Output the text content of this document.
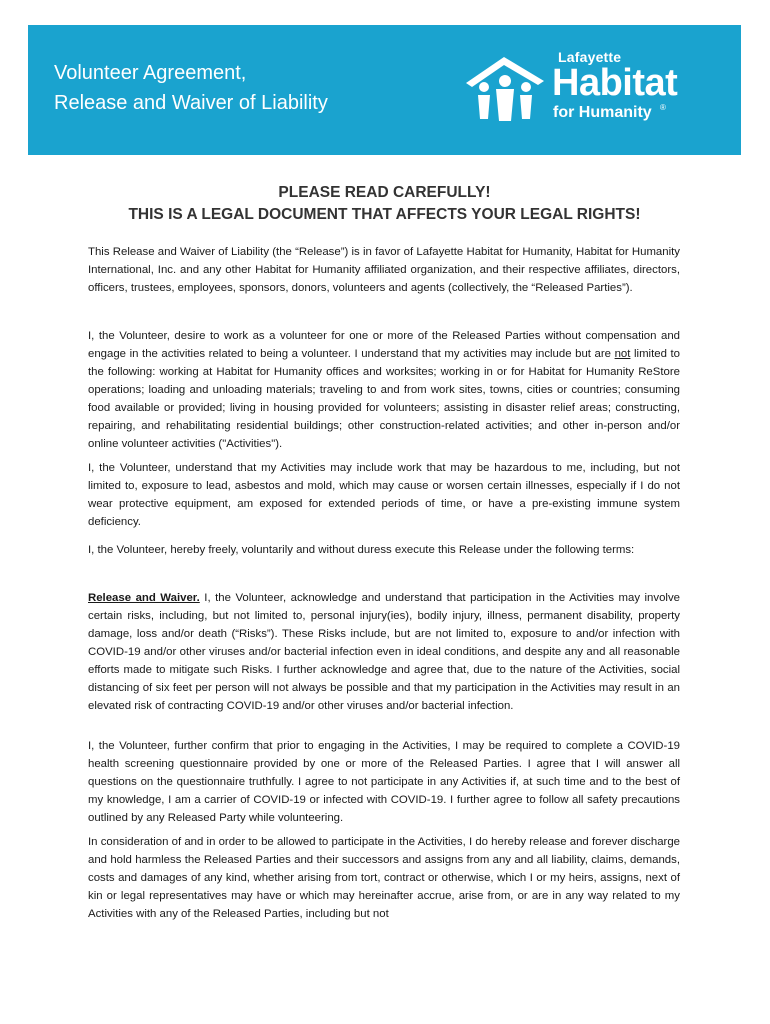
Volunteer Agreement,
Release and Waiver of Liability
Lafayette
Habitat
for Humanity ®
PLEASE READ CAREFULLY!
THIS IS A LEGAL DOCUMENT THAT AFFECTS YOUR LEGAL RIGHTS!
This Release and Waiver of Liability (the “Release”) is in favor of Lafayette Habitat for Humanity, Habitat for Humanity International, Inc. and any other Habitat for Humanity affiliated organization, and their respective affiliates, directors, officers, trustees, employees, sponsors, donors, volunteers and agents (collectively, the “Released Parties”).
I, the Volunteer, desire to work as a volunteer for one or more of the Released Parties without compensation and engage in the activities related to being a volunteer. I understand that my activities may include but are not limited to the following: working at Habitat for Humanity offices and worksites; working in or for Habitat for Humanity ReStore operations; loading and unloading materials; traveling to and from work sites, towns, cities or countries; consuming food available or provided; living in housing provided for volunteers; assisting in disaster relief areas; constructing, repairing, and rehabilitating residential buildings; other construction-related activities; and other in-person and/or online volunteer activities ("Activities").
I, the Volunteer, understand that my Activities may include work that may be hazardous to me, including, but not limited to, exposure to lead, asbestos and mold, which may cause or worsen certain illnesses, especially if I do not wear protective equipment, am exposed for extended periods of time, or have a pre-existing immune system deficiency.
I, the Volunteer, hereby freely, voluntarily and without duress execute this Release under the following terms:
Release and Waiver. I, the Volunteer, acknowledge and understand that participation in the Activities may involve certain risks, including, but not limited to, personal injury(ies), bodily injury, illness, permanent disability, property damage, loss and/or death (“Risks”). These Risks include, but are not limited to, exposure to and/or infection with COVID-19 and/or other viruses and/or bacterial infection even in ideal conditions, and despite any and all reasonable efforts made to mitigate such Risks. I further acknowledge and agree that, due to the nature of the Activities, social distancing of six feet per person will not always be possible and that my participation in the Activities may result in an elevated risk of contracting COVID-19 and/or other viruses and/or bacterial infection.
I, the Volunteer, further confirm that prior to engaging in the Activities, I may be required to complete a COVID-19 health screening questionnaire provided by one or more of the Released Parties. I agree that I will answer all questions on the questionnaire truthfully. I agree to not participate in any Activities if, at such time and to the best of my knowledge, I am a carrier of COVID-19 or infected with COVID-19. I further agree to follow all safety precautions outlined by any Released Party while volunteering.
In consideration of and in order to be allowed to participate in the Activities, I do hereby release and forever discharge and hold harmless the Released Parties and their successors and assigns from any and all liability, claims, demands, costs and damages of any kind, whether arising from tort, contract or otherwise, which I or my heirs, assigns, next of kin or legal representatives may have or which may hereinafter accrue, arise from, or are in any way related to my Activities with any of the Released Parties, including but not
